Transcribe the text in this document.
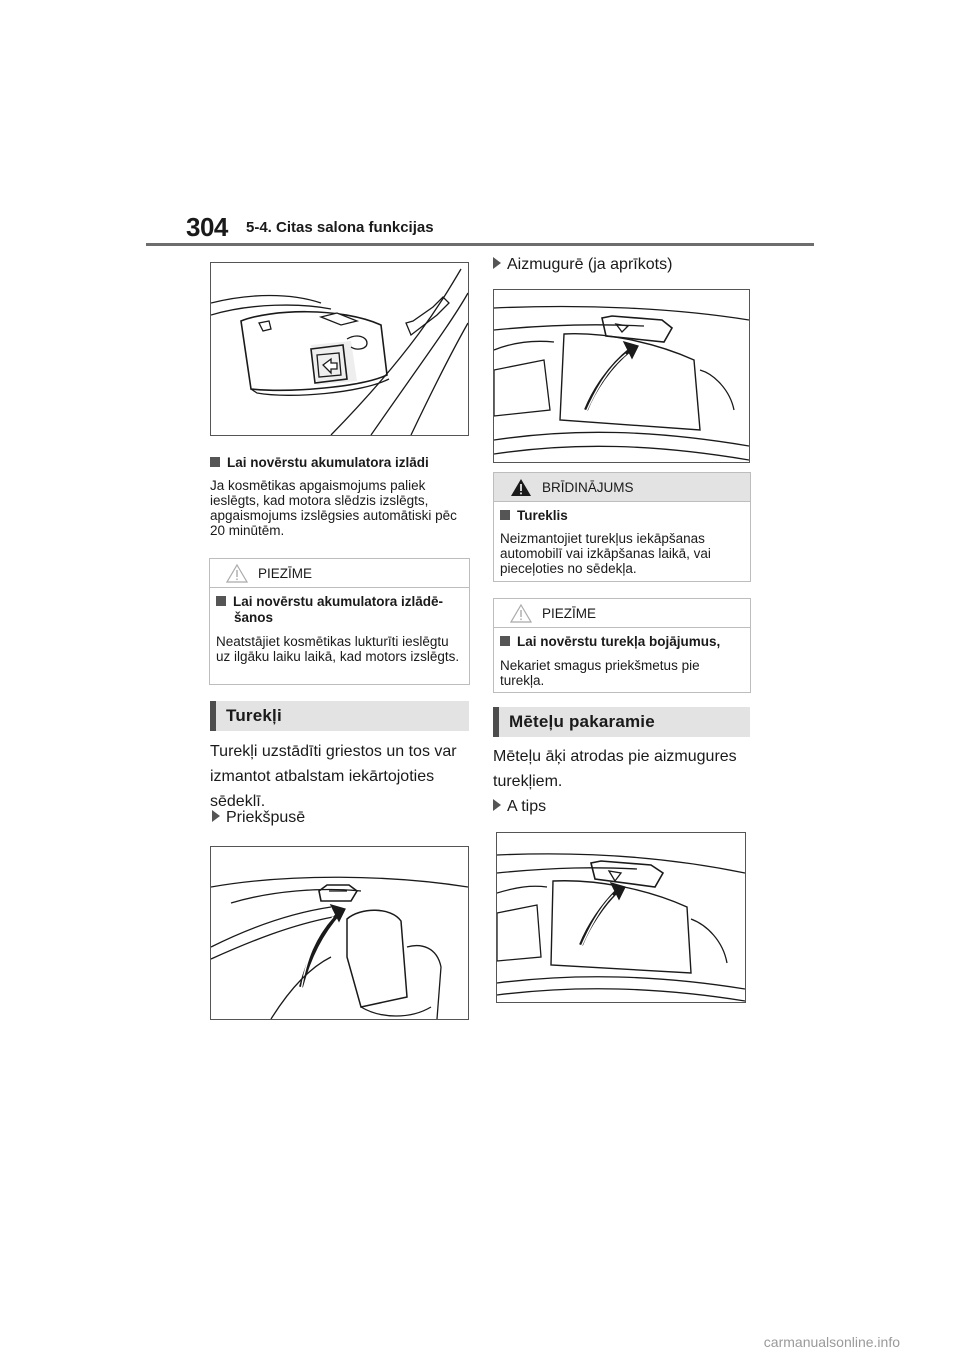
304 5-4. Citas salona funkcijas
Lai novērstu akumulatora izlādi
Ja kosmētikas apgaismojums paliek ieslēgts, kad motora slēdzis izslēgts, apgaismojums izslēgsies automātiski pēc 20 minūtēm.
PIEZĪME
Lai novērstu akumulatora izlādē-šanos
Neatstājiet kosmētikas lukturīti ieslēgtu uz ilgāku laiku laikā, kad motors izslēgts.
Turekļi
Turekļi uzstādīti griestos un tos var izmantot atbalstam iekārtojoties sēdeklī.
Priekšpusē
Aizmugurē (ja aprīkots)
BRĪDINĀJUMS
Tureklis
Neizmantojiet turekļus iekāpšanas automobilī vai izkāpšanas laikā, vai pieceļoties no sēdekļa.
PIEZĪME
Lai novērstu turekļa bojājumus,
Nekariet smagus priekšmetus pie turekļa.
Mēteļu pakaramie
Mēteļu āķi atrodas pie aizmugures turekļiem.
A tips
carmanualsonline.info
